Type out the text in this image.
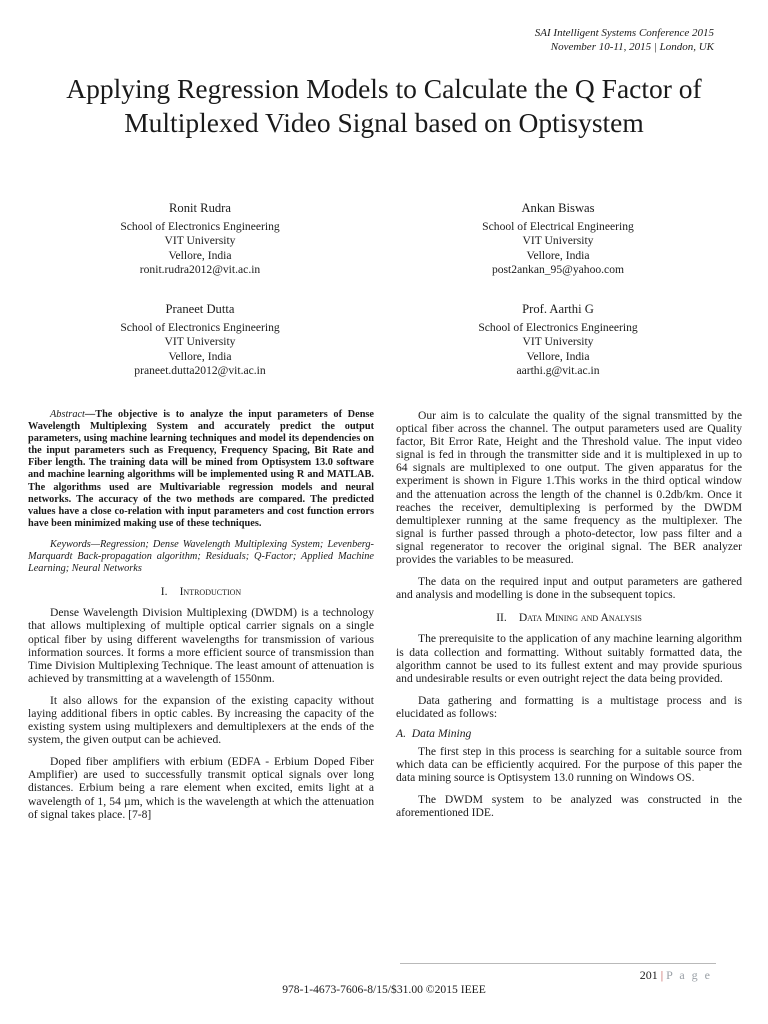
SAI Intelligent Systems Conference 2015
November 10-11, 2015 | London, UK
Applying Regression Models to Calculate the Q Factor of Multiplexed Video Signal based on Optisystem
Ronit Rudra
School of Electronics Engineering
VIT University
Vellore, India
ronit.rudra2012@vit.ac.in
Ankan Biswas
School of Electrical Engineering
VIT University
Vellore, India
post2ankan_95@yahoo.com
Praneet Dutta
School of Electronics Engineering
VIT University
Vellore, India
praneet.dutta2012@vit.ac.in
Prof. Aarthi G
School of Electronics Engineering
VIT University
Vellore, India
aarthi.g@vit.ac.in

Abstract—The objective is to analyze the input parameters of Dense Wavelength Multiplexing System and accurately predict the output parameters, using machine learning techniques and model its dependencies on the input parameters such as Frequency, Frequency Spacing, Bit Rate and Fiber length. The training data will be mined from Optisystem 13.0 software and machine learning algorithms will be implemented using R and MATLAB. The algorithms used are Multivariable regression models and neural networks. The accuracy of the two methods are compared. The predicted values have a close co-relation with input parameters and cost function errors have been minimized making use of these techniques.

Keywords—Regression; Dense Wavelength Multiplexing System; Levenberg-Marquardt Back-propagation algorithm; Residuals; Q-Factor; Applied Machine Learning; Neural Networks

I. Introduction

Dense Wavelength Division Multiplexing (DWDM) is a technology that allows multiplexing of multiple optical carrier signals on a single optical fiber by using different wavelengths for transmission of various information sources. It forms a more efficient source of transmission than Time Division Multiplexing Technique. The least amount of attenuation is achieved by transmitting at a wavelength of 1550nm.

It also allows for the expansion of the existing capacity without laying additional fibers in optic cables. By increasing the capacity of the existing system using multiplexers and demultiplexers at the ends of the system, the given output can be achieved.

Doped fiber amplifiers with erbium (EDFA - Erbium Doped Fiber Amplifier) are used to successfully transmit optical signals over long distances. Erbium being a rare element when excited, emits light at a wavelength of 1, 54 µm, which is the wavelength at which the attenuation of signal takes place. [7-8]

Our aim is to calculate the quality of the signal transmitted by the optical fiber across the channel. The output parameters used are Quality factor, Bit Error Rate, Height and the Threshold value. The input video signal is fed in through the transmitter side and it is multiplexed in up to 64 signals are multiplexed to one output. The given apparatus for the experiment is shown in Figure 1.This works in the third optical window and the attenuation across the length of the channel is 0.2db/km. Once it reaches the receiver, demultiplexing is performed by the DWDM demultiplexer running at the same frequency as the multiplexer. The signal is further passed through a photo-detector, low pass filter and a signal regenerator to recover the original signal. The BER analyzer provides the variables to be measured.

The data on the required input and output parameters are gathered and analysis and modelling is done in the subsequent topics.

II. Data Mining and Analysis

The prerequisite to the application of any machine learning algorithm is data collection and formatting. Without suitably formatted data, the algorithm cannot be used to its fullest extent and may provide spurious and undesirable results or even outright reject the data being provided.

Data gathering and formatting is a multistage process and is elucidated as follows:

A. Data Mining

The first step in this process is searching for a suitable source from which data can be efficiently acquired. For the purpose of this paper the data mining source is Optisystem 13.0 running on Windows OS.

The DWDM system to be analyzed was constructed in the aforementioned IDE.

201 | P a g e
978-1-4673-7606-8/15/$31.00 ©2015 IEEE
